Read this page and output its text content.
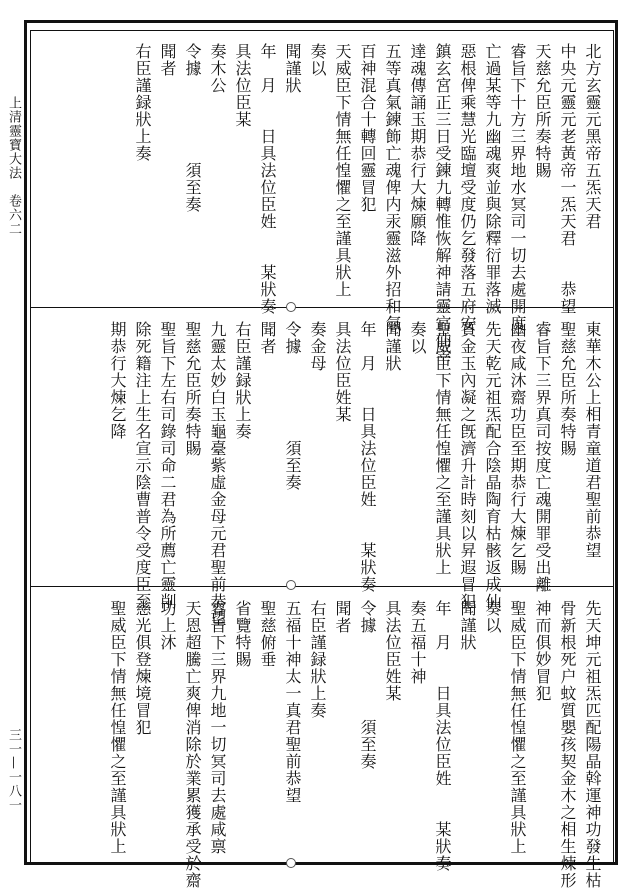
上清靈寶大法　卷六二
三一—一八一
北方玄靈元黑帝五炁天君
中央元靈元老黃帝一炁天君　　恭望
天慈允臣所奏特賜
睿旨下十方三界地水冥司一切去處開度
亡過某等九幽魂爽並與除釋衍罪落滅
惡根俾乘慧光臨壇受度仍乞發落五府安
鎮玄宮正三日受鍊九轉惟恢解神請靈官仙宰
達魂傳誦玉期恭行大煉願降
五等真氣鍊飾亡魂俾内汞靈滋外招和氣
百神混合十轉回靈冒犯
天威臣下情無任惶懼之至謹具狀上
奏以
聞謹狀
年　月　　日具法位臣姓　　某狀奏
具法位臣某
奏木公
令據　　　　　須至奏
聞者
右臣謹録狀上奏
東華木公上相青童道君聖前恭望
聖慈允臣所奏特賜
睿旨下三界真司按度亡魂開罪受出離
幽夜咸沐齋功臣至期恭行大煉乞賜
先天乾元祖炁配合陰晶陶育枯骸返成仙
質金玉內凝之旣濟升計時刻以昇遐冒犯
聖威臣下情無任惶懼之至謹具狀上
奏以
聞謹狀
年　月　　日具法位臣姓　　某狀奏
具法位臣姓某
奏金母
令據　　　　　須至奏
聞者
右臣謹録狀上奏
九靈太妙白玉龜臺紫虛金母元君聖前恭望
聖慈允臣所奏特賜
聖旨下左右司錄司命二君為所薦亡靈削
除死籍注上生名宣示陰曹普令受度臣至
期恭行大煉乞降
先天坤元祖炁匹配陽晶斡運神功發生枯
骨新根死户蚊質嬰孩契金木之相生煉形
神而俱妙冒犯
聖威臣下情無任惶懼之至謹具狀上
奏以
聞謹狀
年　月　　日具法位臣姓　　某狀奏
奏五福十神
具法位臣姓某
令據　　　　　須至奏
聞者
右臣謹録狀上奏
五福十神太一真君聖前恭望
聖慈俯垂
省覽特賜
睿旨下三界九地一切冥司去處咸禀
天恩超騰亡爽俾消除於業累獲承受於齋
功上沐
慈光俱登煉境冒犯
聖威臣下情無任惶懼之至謹具狀上
